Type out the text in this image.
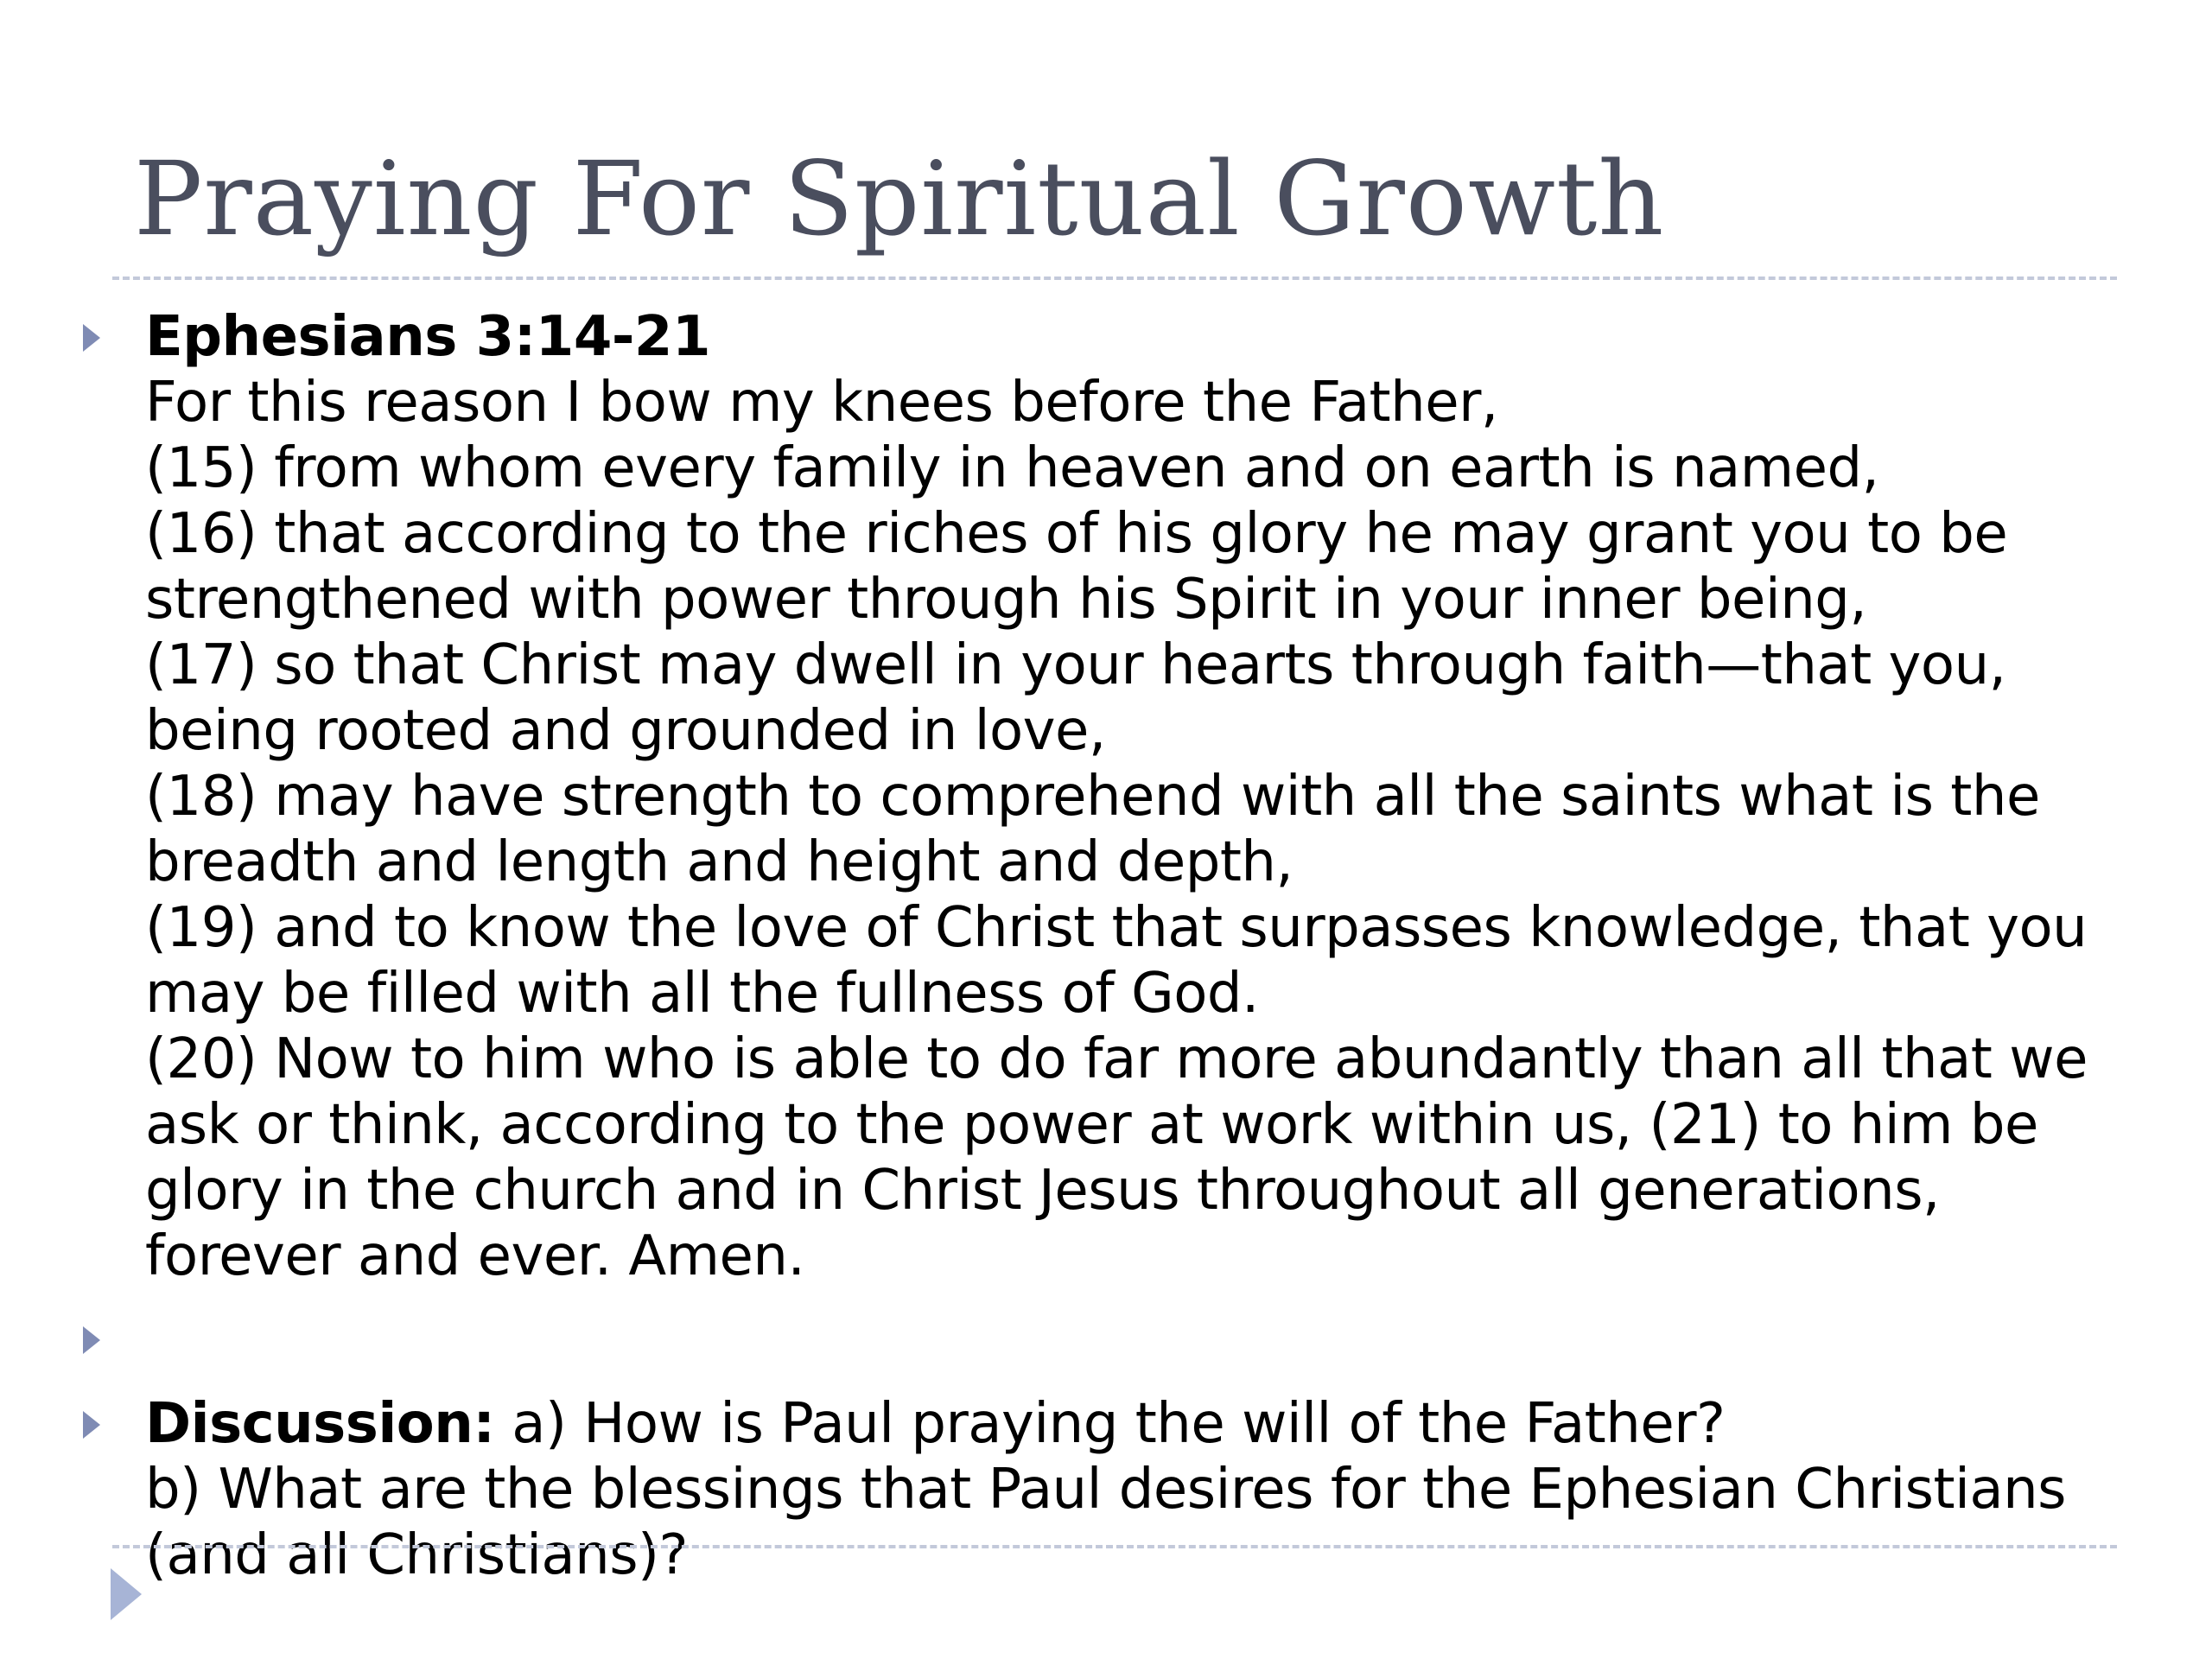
Praying For Spiritual Growth
Ephesians 3:14-21
For this reason I bow my knees before the Father,
(15) from whom every family in heaven and on earth is named,
(16) that according to the riches of his glory he may grant you to be
strengthened with power through his Spirit in your inner being,
(17) so that Christ may dwell in your hearts through faith—that you,
being rooted and grounded in love,
(18) may have strength to comprehend with all the saints what is the
breadth and length and height and depth,
(19) and to know the love of Christ that surpasses knowledge, that you
may be filled with all the fullness of God.
(20) Now to him who is able to do far more abundantly than all that we
ask or think, according to the power at work within us, (21) to him be
glory in the church and in Christ Jesus throughout all generations,
forever and ever. Amen.
Discussion: a) How is Paul praying the will of the Father?
b) What are the blessings that Paul desires for the Ephesian Christians
(and all Christians)?
